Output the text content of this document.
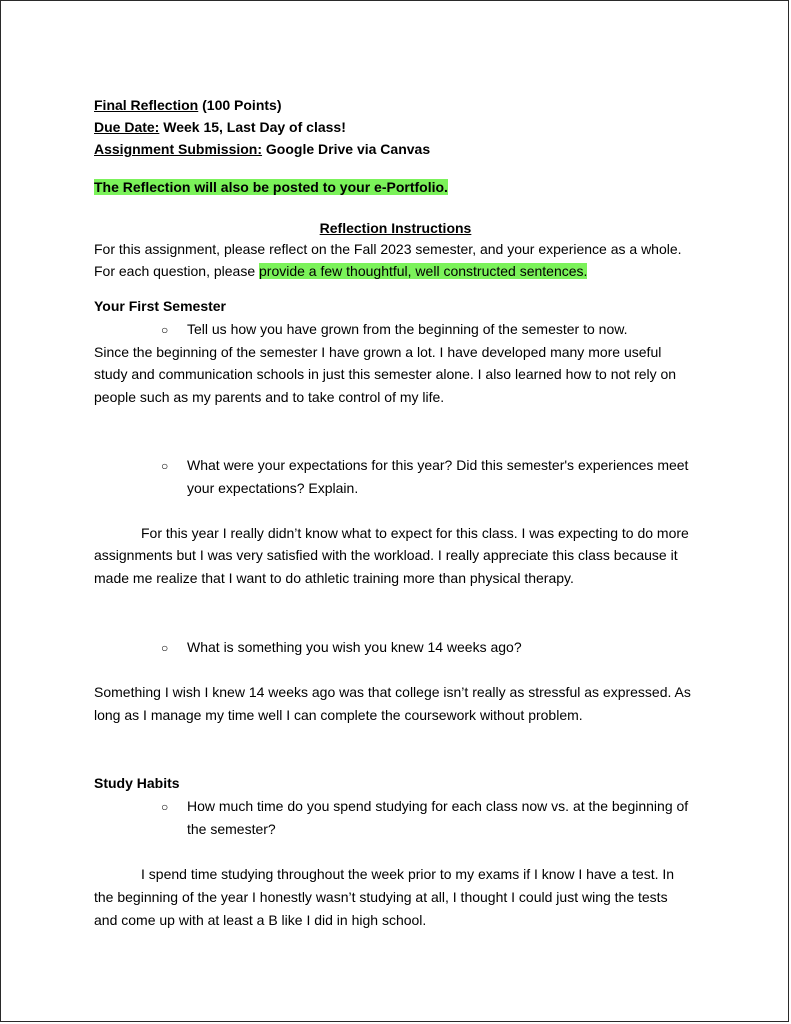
Final Reflection (100 Points)
Due Date: Week 15, Last Day of class!
Assignment Submission: Google Drive via Canvas
The Reflection will also be posted to your e-Portfolio.
Reflection Instructions
For this assignment, please reflect on the Fall 2023 semester, and your experience as a whole.
For each question, please provide a few thoughtful, well constructed sentences.
Your First Semester
○ Tell us how you have grown from the beginning of the semester to now.
Since the beginning of the semester I have grown a lot. I have developed many more useful
study and communication schools in just this semester alone. I also learned how to not rely on
people such as my parents and to take control of my life.
○ What were your expectations for this year? Did this semester's experiences meet
your expectations? Explain.
For this year I really didn’t know what to expect for this class. I was expecting to do more
assignments but I was very satisfied with the workload. I really appreciate this class because it
made me realize that I want to do athletic training more than physical therapy.
○ What is something you wish you knew 14 weeks ago?
Something I wish I knew 14 weeks ago was that college isn’t really as stressful as expressed. As
long as I manage my time well I can complete the coursework without problem.
Study Habits
○ How much time do you spend studying for each class now vs. at the beginning of
the semester?
I spend time studying throughout the week prior to my exams if I know I have a test. In
the beginning of the year I honestly wasn’t studying at all, I thought I could just wing the tests
and come up with at least a B like I did in high school.
